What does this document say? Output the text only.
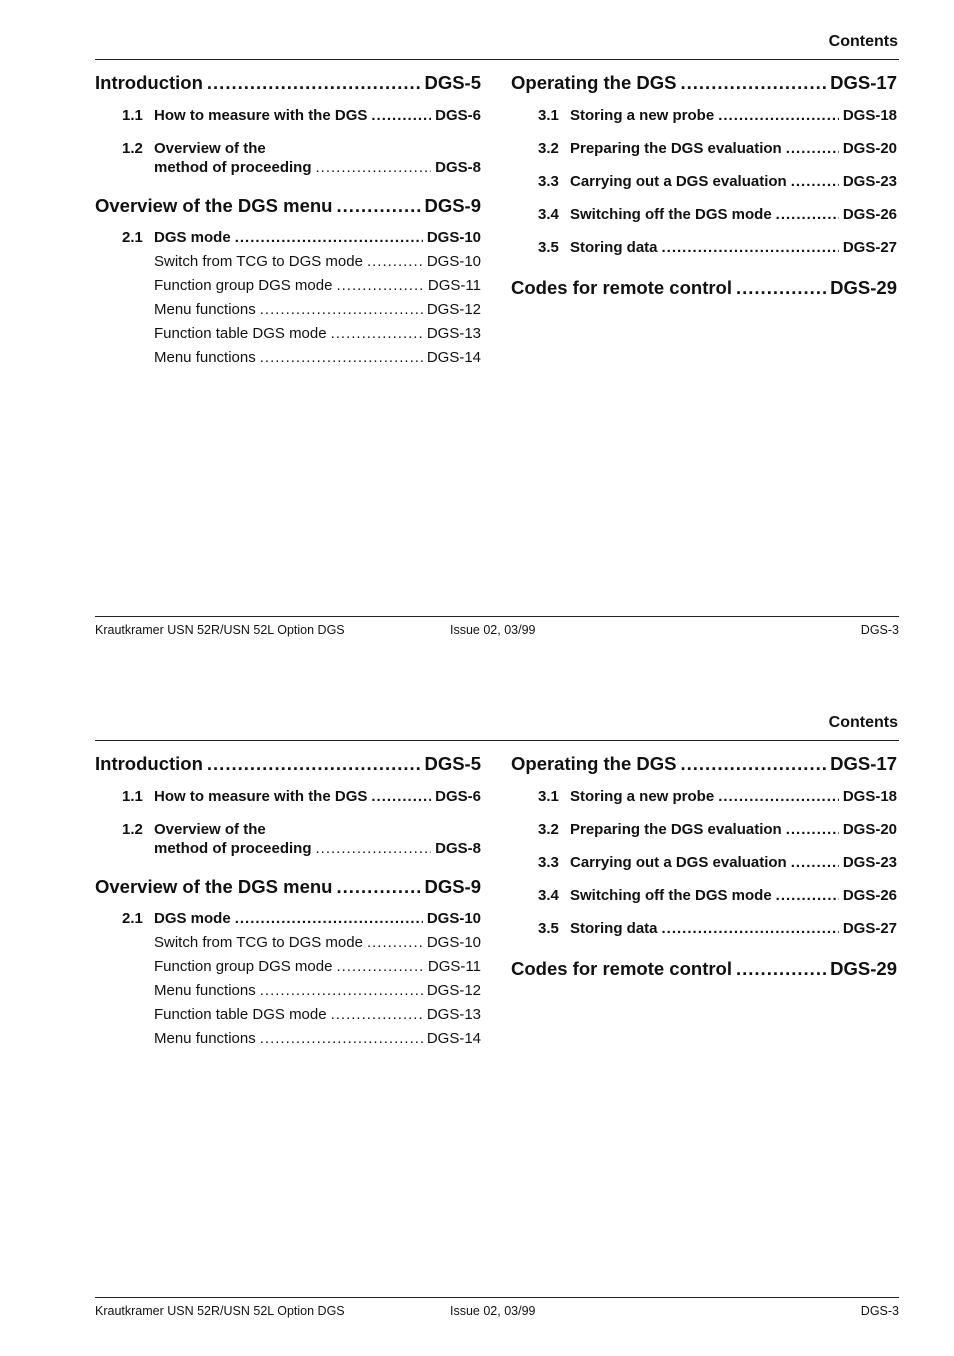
Contents
Introduction .....	DGS-5
1.1 How to measure with the DGS .....	DGS-6
1.2 Overview of the
method of proceeding .....	DGS-8
Overview of the DGS menu .....	DGS-9
2.1 DGS mode .....	DGS-10
Switch from TCG to DGS mode .....	DGS-10
Function group DGS mode .....	DGS-11
Menu functions .....	DGS-12
Function table DGS mode .....	DGS-13
Menu functions .....	DGS-14
Operating the DGS .....	DGS-17
3.1 Storing a new probe .....	DGS-18
3.2 Preparing the DGS evaluation .....	DGS-20
3.3 Carrying out a DGS evaluation .....	DGS-23
3.4 Switching off the DGS mode .....	DGS-26
3.5 Storing data .....	DGS-27
Codes for remote control .....	DGS-29
Krautkramer USN 52R/USN 52L Option DGS	Issue 02, 03/99	DGS-3
Contents
Introduction .....	DGS-5
1.1 How to measure with the DGS .....	DGS-6
1.2 Overview of the
method of proceeding .....	DGS-8
Overview of the DGS menu .....	DGS-9
2.1 DGS mode .....	DGS-10
Switch from TCG to DGS mode .....	DGS-10
Function group DGS mode .....	DGS-11
Menu functions .....	DGS-12
Function table DGS mode .....	DGS-13
Menu functions .....	DGS-14
Operating the DGS .....	DGS-17
3.1 Storing a new probe .....	DGS-18
3.2 Preparing the DGS evaluation .....	DGS-20
3.3 Carrying out a DGS evaluation .....	DGS-23
3.4 Switching off the DGS mode .....	DGS-26
3.5 Storing data .....	DGS-27
Codes for remote control .....	DGS-29
Krautkramer USN 52R/USN 52L Option DGS	Issue 02, 03/99	DGS-3
